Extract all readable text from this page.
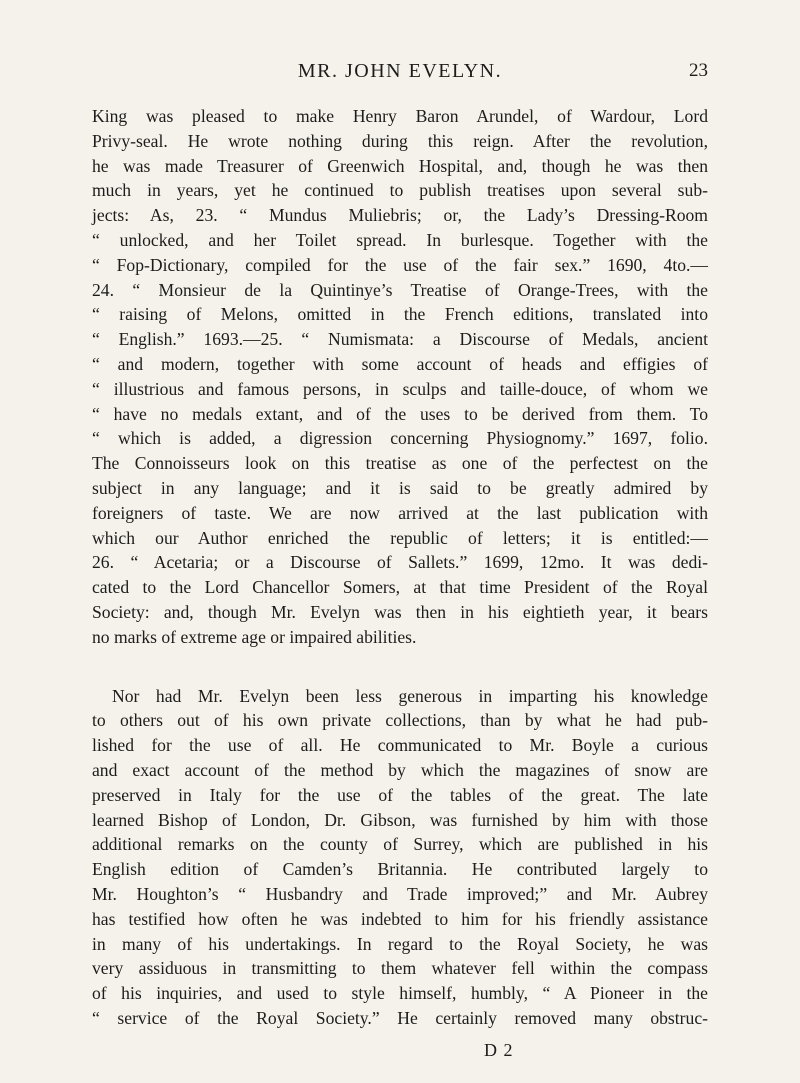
MR. JOHN EVELYN.	23
King was pleased to make Henry Baron Arundel, of Wardour, Lord
Privy-seal. He wrote nothing during this reign. After the revolution,
he was made Treasurer of Greenwich Hospital, and, though he was then
much in years, yet he continued to publish treatises upon several sub-
jects: As, 23. “ Mundus Muliebris; or, the Lady’s Dressing-Room
“ unlocked, and her Toilet spread. In burlesque. Together with the
“ Fop-Dictionary, compiled for the use of the fair sex.” 1690, 4to.—
24. “ Monsieur de la Quintinye’s Treatise of Orange-Trees, with the
“ raising of Melons, omitted in the French editions, translated into
“ English.” 1693.—25. “ Numismata: a Discourse of Medals, ancient
“ and modern, together with some account of heads and effigies of
“ illustrious and famous persons, in sculps and taille-douce, of whom we
“ have no medals extant, and of the uses to be derived from them. To
“ which is added, a digression concerning Physiognomy.” 1697, folio.
The Connoisseurs look on this treatise as one of the perfectest on the
subject in any language; and it is said to be greatly admired by
foreigners of taste. We are now arrived at the last publication with
which our Author enriched the republic of letters; it is entitled:—
26. “ Acetaria; or a Discourse of Sallets.” 1699, 12mo. It was dedi-
cated to the Lord Chancellor Somers, at that time President of the Royal
Society: and, though Mr. Evelyn was then in his eightieth year, it bears
no marks of extreme age or impaired abilities.
Nor had Mr. Evelyn been less generous in imparting his knowledge
to others out of his own private collections, than by what he had pub-
lished for the use of all. He communicated to Mr. Boyle a curious
and exact account of the method by which the magazines of snow are
preserved in Italy for the use of the tables of the great. The late
learned Bishop of London, Dr. Gibson, was furnished by him with those
additional remarks on the county of Surrey, which are published in his
English edition of Camden’s Britannia. He contributed largely to
Mr. Houghton’s “ Husbandry and Trade improved;” and Mr. Aubrey
has testified how often he was indebted to him for his friendly assistance
in many of his undertakings. In regard to the Royal Society, he was
very assiduous in transmitting to them whatever fell within the compass
of his inquiries, and used to style himself, humbly, “ A Pioneer in the
“ service of the Royal Society.” He certainly removed many obstruc-
D 2
